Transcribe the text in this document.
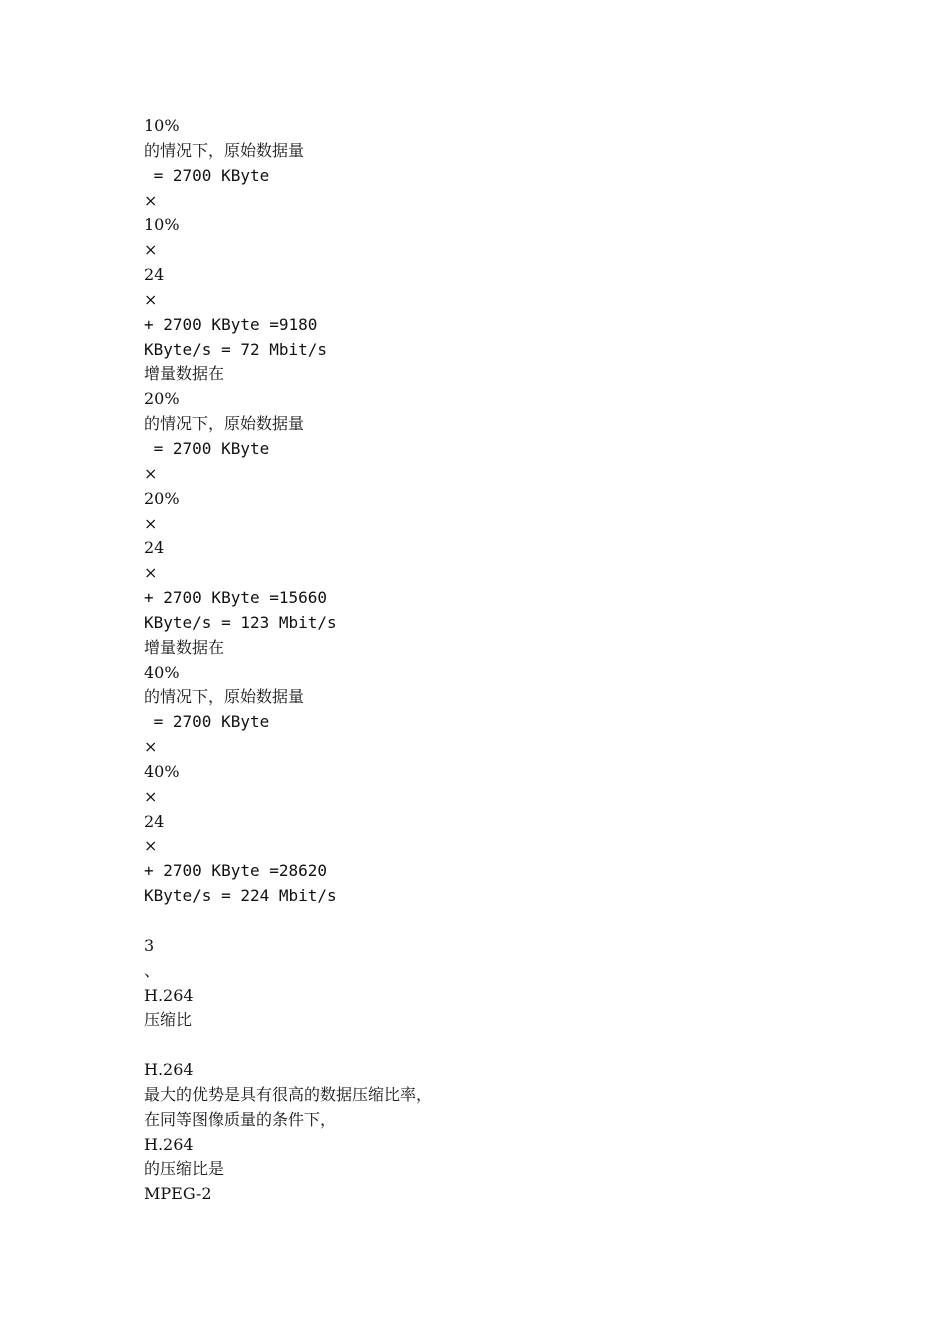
10%
的情况下，原始数据量
= 2700 KByte
×
10%
×
24
×
+ 2700 KByte =9180
KByte/s = 72 Mbit/s
增量数据在
20%
的情况下，原始数据量
= 2700 KByte
×
20%
×
24
×
+ 2700 KByte =15660
KByte/s = 123 Mbit/s
增量数据在
40%
的情况下，原始数据量
= 2700 KByte
×
40%
×
24
×
+ 2700 KByte =28620
KByte/s = 224 Mbit/s
3
、
H.264
压缩比
H.264
最大的优势是具有很高的数据压缩比率，
在同等图像质量的条件下，
H.264
的压缩比是
MPEG-2
